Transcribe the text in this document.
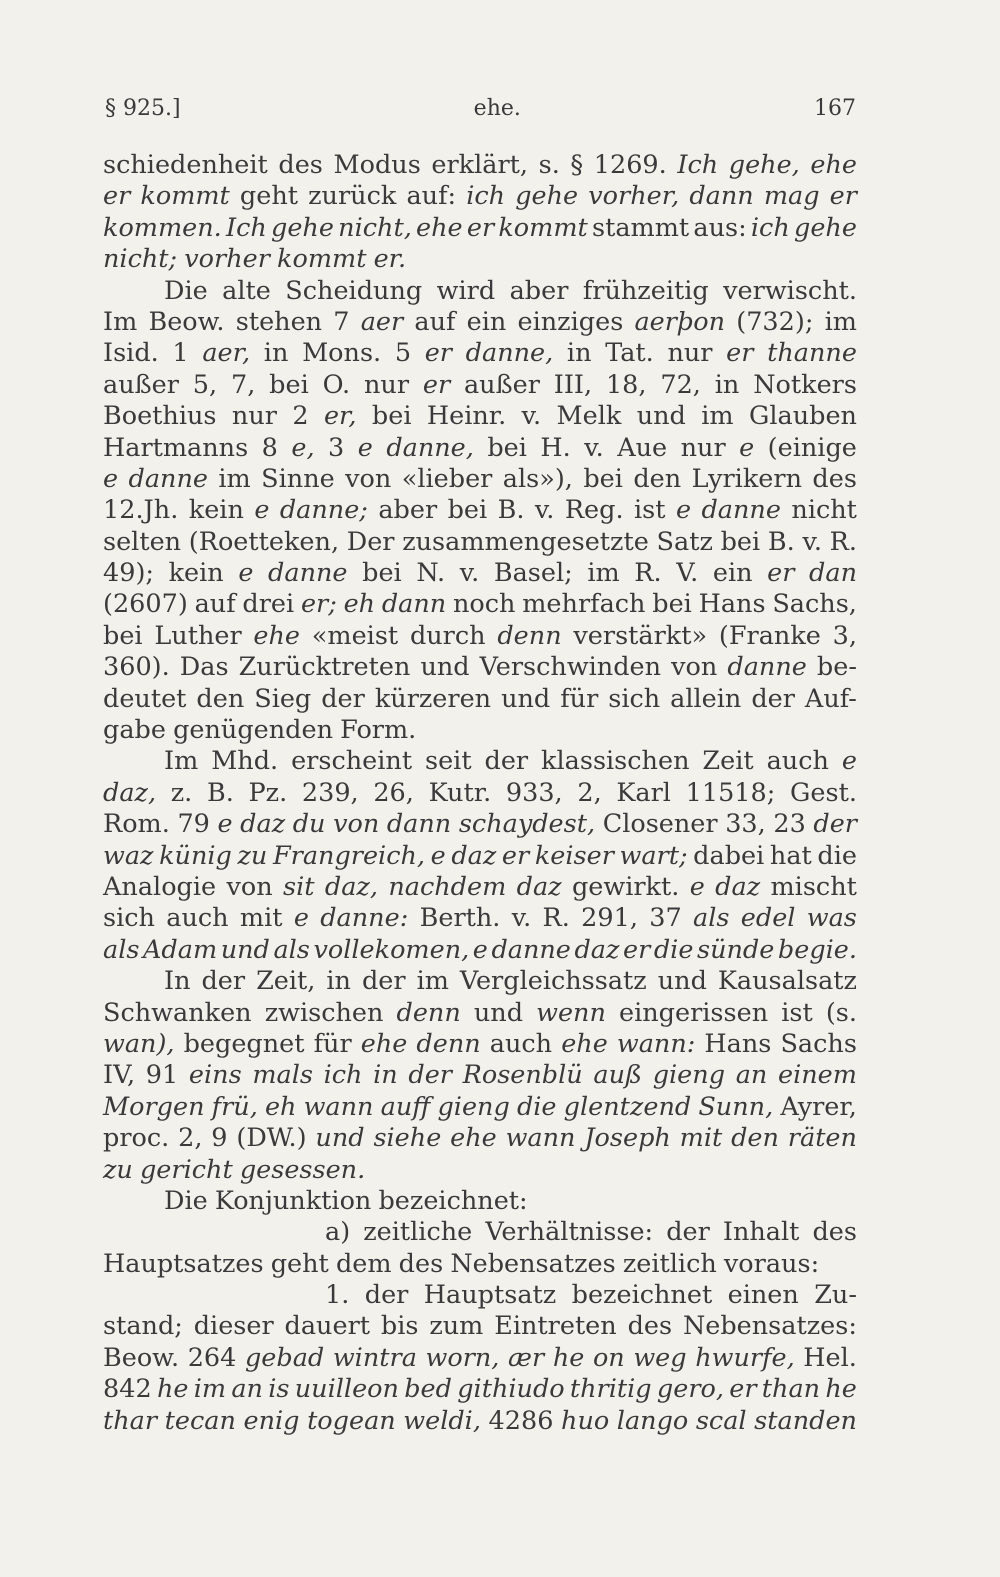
§ 925.]	ehe.	167
schiedenheit des Modus erklärt, s. § 1269. Ich gehe, ehe
er kommt geht zurück auf: ich gehe vorher, dann mag er
kommen. Ich gehe nicht, ehe er kommt stammt aus: ich gehe
nicht; vorher kommt er.
Die alte Scheidung wird aber frühzeitig verwischt.
Im Beow. stehen 7 aer auf ein einziges aerþon (732); im
Isid. 1 aer, in Mons. 5 er danne, in Tat. nur er thanne
außer 5, 7, bei O. nur er außer III, 18, 72, in Notkers
Boethius nur 2 er, bei Heinr. v. Melk und im Glauben
Hartmanns 8 e, 3 e danne, bei H. v. Aue nur e (einige
e danne im Sinne von «lieber als»), bei den Lyrikern des
12.Jh. kein e danne; aber bei B. v. Reg. ist e danne nicht
selten (Roetteken, Der zusammengesetzte Satz bei B. v. R.
49); kein e danne bei N. v. Basel; im R. V. ein er dan
(2607) auf drei er; eh dann noch mehrfach bei Hans Sachs,
bei Luther ehe «meist durch denn verstärkt» (Franke 3,
360). Das Zurücktreten und Verschwinden von danne be-
deutet den Sieg der kürzeren und für sich allein der Auf-
gabe genügenden Form.
Im Mhd. erscheint seit der klassischen Zeit auch e
daz, z. B. Pz. 239, 26, Kutr. 933, 2, Karl 11518; Gest.
Rom. 79 e daz du von dann schaydest, Closener 33, 23 der
waz künig zu Frangreich, e daz er keiser wart; dabei hat die
Analogie von sit daz, nachdem daz gewirkt. e daz mischt
sich auch mit e danne: Berth. v. R. 291, 37 als edel was
als Adam und als vollekomen, e danne daz er die sünde begie.
In der Zeit, in der im Vergleichssatz und Kausalsatz
Schwanken zwischen denn und wenn eingerissen ist (s.
wan), begegnet für ehe denn auch ehe wann: Hans Sachs
IV, 91 eins mals ich in der Rosenblü auß gieng an einem
Morgen frü, eh wann auff gieng die glentzend Sunn, Ayrer,
proc. 2, 9 (DW.) und siehe ehe wann Joseph mit den räten
zu gericht gesessen.
Die Konjunktion bezeichnet:
a) zeitliche Verhältnisse: der Inhalt des
Hauptsatzes geht dem des Nebensatzes zeitlich voraus:
1. der Hauptsatz bezeichnet einen Zu-
stand; dieser dauert bis zum Eintreten des Nebensatzes:
Beow. 264 gebad wintra worn, ær he on weg hwurfe, Hel.
842 he im an is uuilleon bed githiudo thritig gero, er than he
thar tecan enig togean weldi, 4286 huo lango scal standen
